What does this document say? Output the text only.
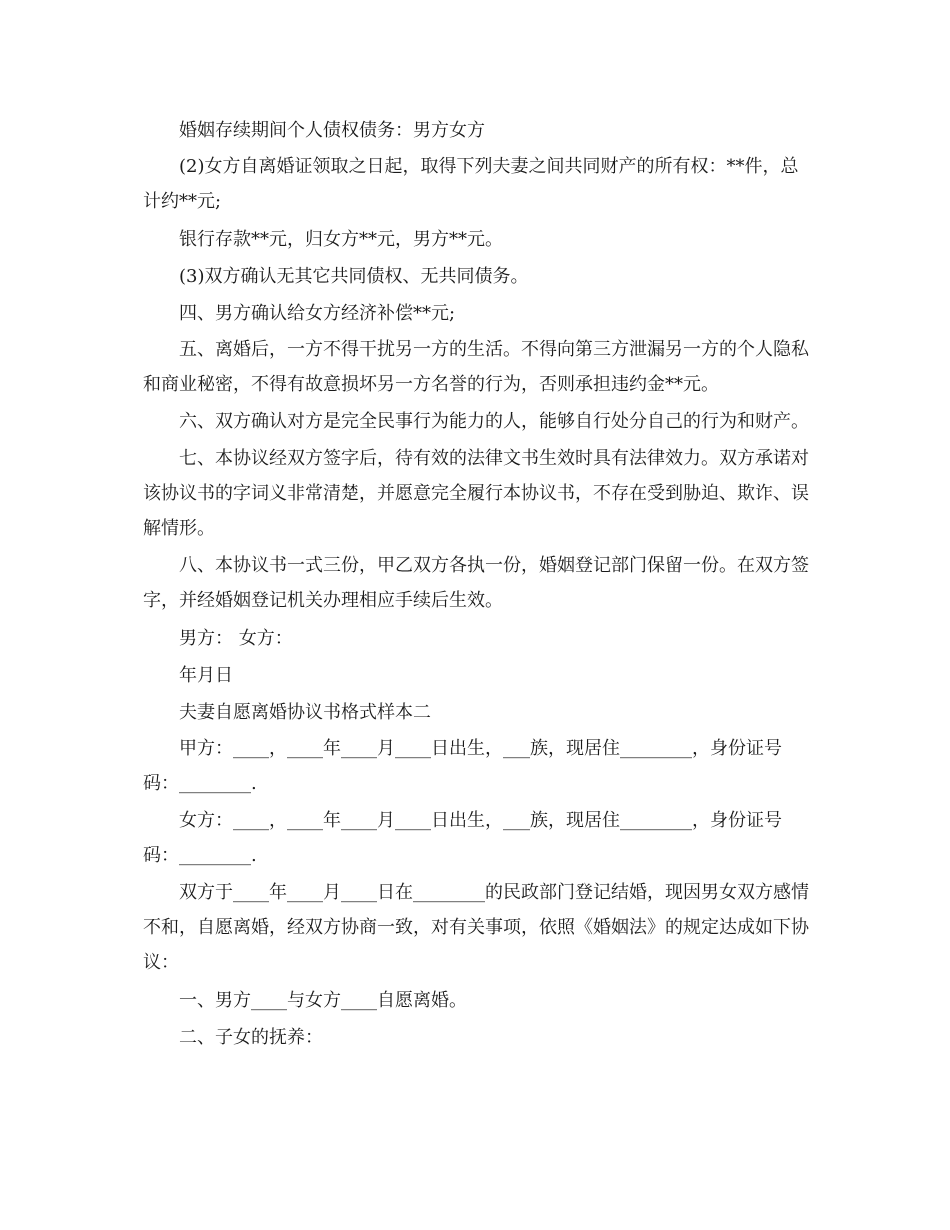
婚姻存续期间个人债权债务：男方女方

(2)女方自离婚证领取之日起，取得下列夫妻之间共同财产的所有权：**件，总计约**元;

银行存款**元，归女方**元，男方**元。

(3)双方确认无其它共同债权、无共同债务。

四、男方确认给女方经济补偿**元;

五、离婚后，一方不得干扰另一方的生活。不得向第三方泄漏另一方的个人隐私和商业秘密，不得有故意损坏另一方名誉的行为，否则承担违约金**元。

六、双方确认对方是完全民事行为能力的人，能够自行处分自己的行为和财产。

七、本协议经双方签字后，待有效的法律文书生效时具有法律效力。双方承诺对该协议书的字词义非常清楚，并愿意完全履行本协议书，不存在受到胁迫、欺诈、误解情形。

八、本协议书一式三份，甲乙双方各执一份，婚姻登记部门保留一份。在双方签字，并经婚姻登记机关办理相应手续后生效。

男方： 女方：

年月日

夫妻自愿离婚协议书格式样本二

甲方：____，____年____月____日出生，___族，现居住________，身份证号码：________.

女方：____，____年____月____日出生，___族，现居住________，身份证号码：________.

双方于____年____月____日在________的民政部门登记结婚，现因男女双方感情不和，自愿离婚，经双方协商一致，对有关事项，依照《婚姻法》的规定达成如下协议：

一、男方____与女方____自愿离婚。

二、子女的抚养：
